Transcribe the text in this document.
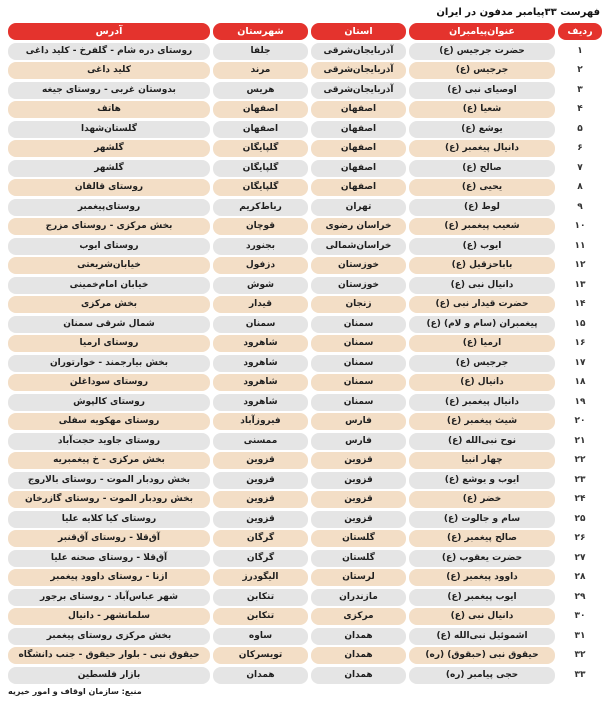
فهرست ۳۳پیامبر مدفون در ایران
ردیف
عنوان‌پیامبران
استان
شهرستان
آدرس
۱
حضرت جرجیس (ع)
آذربایجان‌شرقی
جلفا
روستای دره شام - گلفرخ - کلید داغی
۲
جرجیس (ع)
آذربایجان‌شرقی
مرند
کلید داغی
۳
اوصیای نبی (ع)
آذربایجان‌شرقی
هریس
بدوستان غربی - روستای جیغه
۴
شعیا (ع)
اصفهان
اصفهان
هاتف
۵
یوشع (ع)
اصفهان
اصفهان
گلستان‌شهدا
۶
دانیال پیغمبر (ع)
اصفهان
گلپایگان
گلشهر
۷
صالح (ع)
اصفهان
گلپایگان
گلشهر
۸
یحیی (ع)
اصفهان
گلپایگان
روستای قالقان
۹
لوط (ع)
تهران
رباط‌کریم
روستای‌پیغمبر
۱۰
شعیب پیغمبر (ع)
خراسان رضوی
قوچان
بخش مرکزی - روستای مزرج
۱۱
ایوب (ع)
خراسان‌شمالی
بجنورد
روستای ایوب
۱۲
باباحزقیل (ع)
خوزستان
دزفول
خیابان‌شریعتی
۱۳
دانیال نبی (ع)
خوزستان
شوش
خیابان امام‌خمینی
۱۴
حضرت قیدار نبی (ع)
زنجان
قیدار
بخش مرکزی
۱۵
پیغمبران (سام و لام) (ع)
سمنان
سمنان
شمال شرقی سمنان
۱۶
ارمیا (ع)
سمنان
شاهرود
روستای ارمیا
۱۷
جرجیس (ع)
سمنان
شاهرود
بخش بیارجمند - خوارتوران
۱۸
دانیال (ع)
سمنان
شاهرود
روستای سوداغلن
۱۹
دانیال پیغمبر (ع)
سمنان
شاهرود
روستای کالپوش
۲۰
شیث پیغمبر (ع)
فارس
فیروزآباد
روستای مهکویه سفلی
۲۱
نوح نبی‌الله (ع)
فارس
ممسنی
روستای جاوید حجت‌آباد
۲۲
چهار انبیا
قزوین
قزوین
بخش مرکزی - خ پیغمبریه
۲۳
ایوب و یوشع (ع)
قزوین
قزوین
بخش رودبار الموت - روستای بالاروج
۲۴
خضر (ع)
قزوین
قزوین
بخش رودبار الموت - روستای گازرخان
۲۵
سام و جالوت (ع)
قزوین
قزوین
روستای کیا کلایه علیا
۲۶
صالح پیغمبر (ع)
گلستان
گرگان
آق‌قلا - روستای آق‌قنبر
۲۷
حضرت یعقوب (ع)
گلستان
گرگان
آق‌قلا - روستای صحنه علیا
۲۸
داوود پیغمبر (ع)
لرستان
الیگودرز
ازنا - روستای داوود پیغمبر
۲۹
ایوب پیغمبر (ع)
مازندران
تنکابن
شهر عباس‌آباد - روستای برجور
۳۰
دانیال نبی (ع)
مرکزی
تنکابن
سلمانشهر - دانیال
۳۱
اشموئیل نبی‌الله (ع)
همدان
ساوه
بخش مرکزی روستای پیغمبر
۳۲
حیقوق نبی (حبقوق) (ره)
همدان
تویسرکان
حیقوق نبی - بلوار حیقوق - جنب دانشگاه
۳۳
حجی پیامبر (ره)
همدان
همدان
بازار فلسطین
منبع: سازمان اوقاف و امور خیریه
